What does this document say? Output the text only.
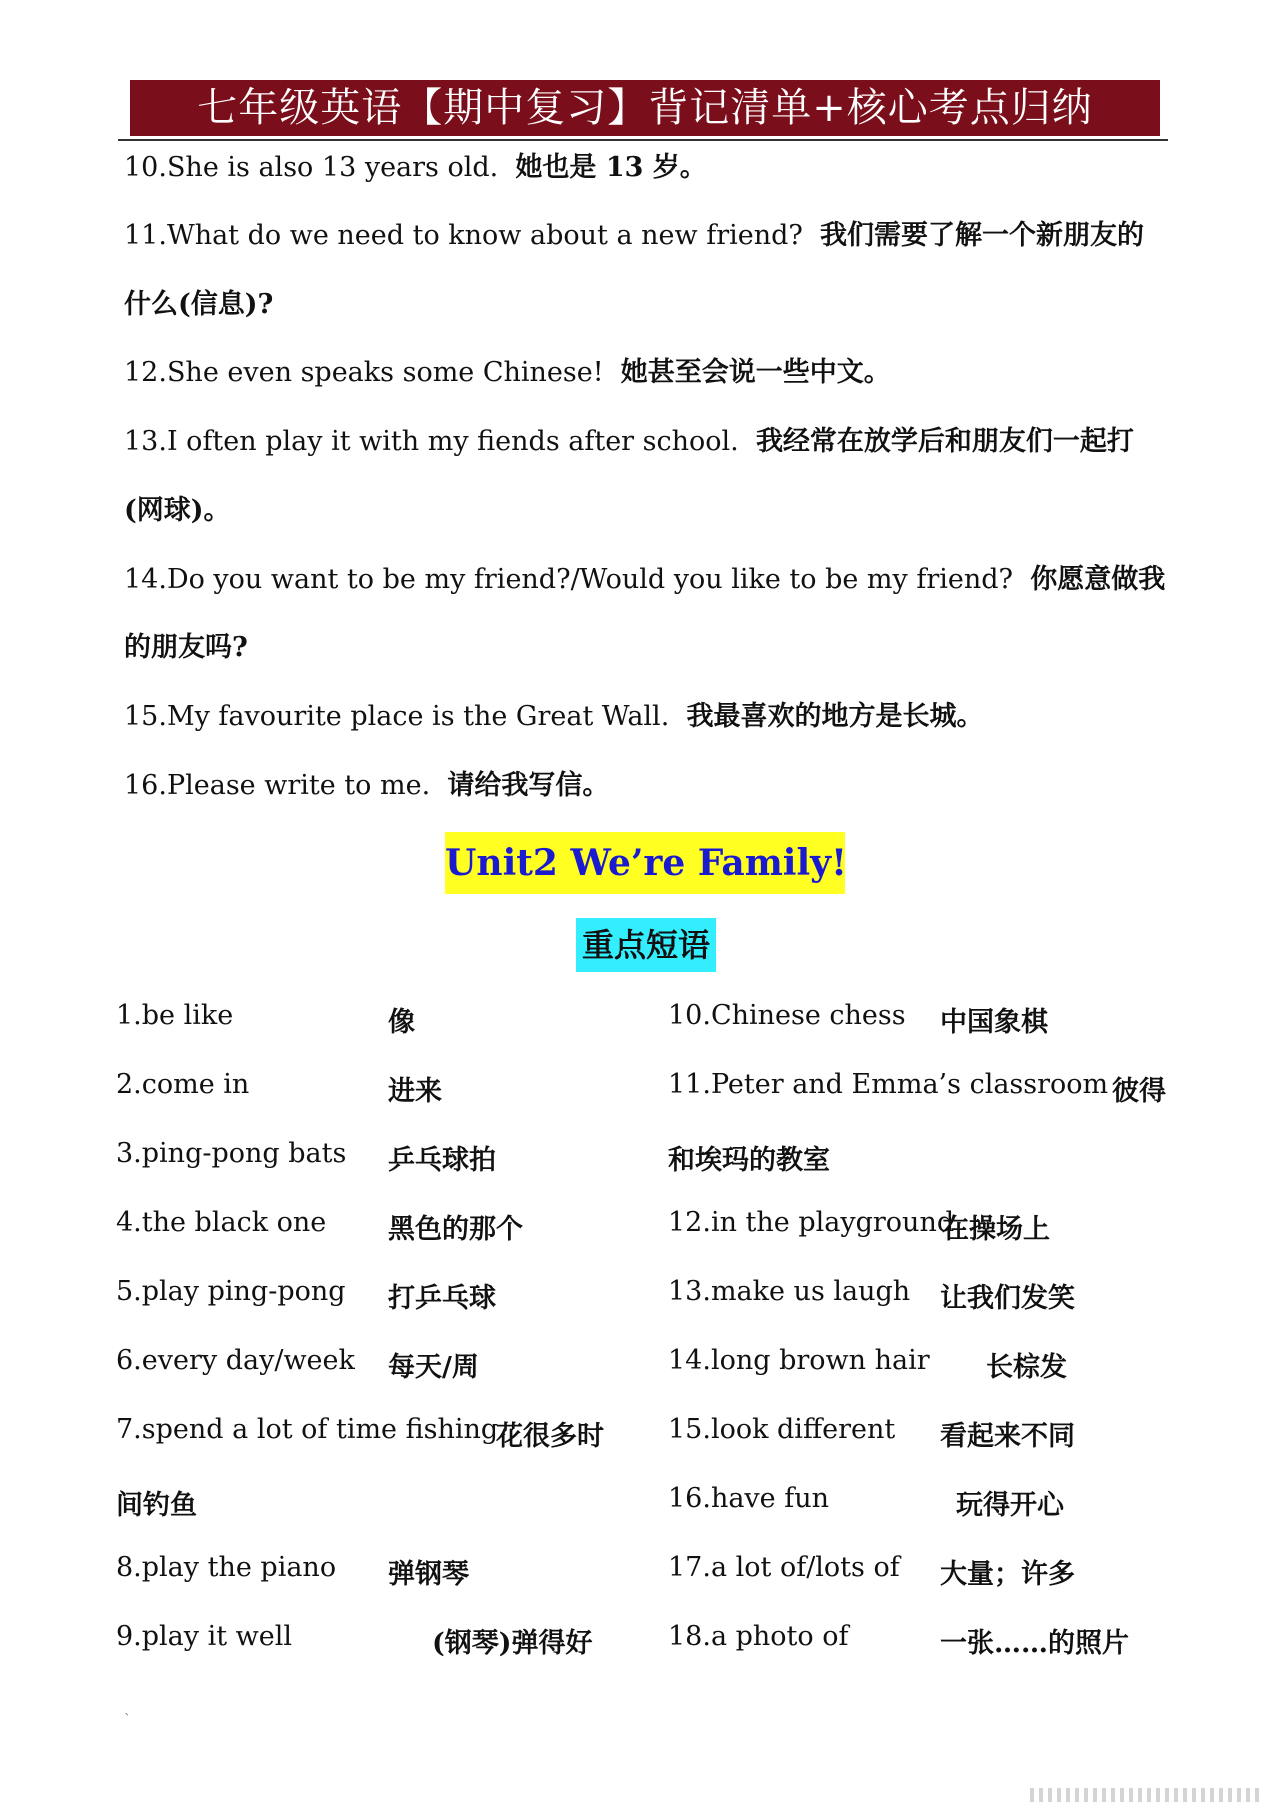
七年级英语【期中复习】背记清单+核心考点归纳
10.She is also 13 years old. 她也是 13 岁。
11.What do we need to know about a new friend? 我们需要了解一个新朋友的
什么(信息)?
12.She even speaks some Chinese! 她甚至会说一些中文。
13.I often play it with my fiends after school. 我经常在放学后和朋友们一起打
(网球)。
14.Do you want to be my friend?/Would you like to be my friend? 你愿意做我
的朋友吗?
15.My favourite place is the Great Wall. 我最喜欢的地方是长城。
16.Please write to me. 请给我写信。
Unit2 We’re Family!
重点短语
1.be like	像
2.come in	进来
3.ping-pong bats 乒乓球拍
4.the black one 黑色的那个
5.play ping-pong 打乒乓球
6.every day/week 每天/周
7.spend a lot of time fishing
花很多时
间钓鱼
8.play the piano 弹钢琴
9.play it well	(钢琴)弹得好
10.Chinese chess 中国象棋
11.Peter and Emma’s classroom 彼得
和埃玛的教室
12.in the playground
在操场上
13.make us laugh 让我们发笑
14.long brown hair 长棕发
15.look different 看起来不同
16.have fun	玩得开心
17.a lot of/lots of 大量；许多
18.a photo of	一张……的照片
`
